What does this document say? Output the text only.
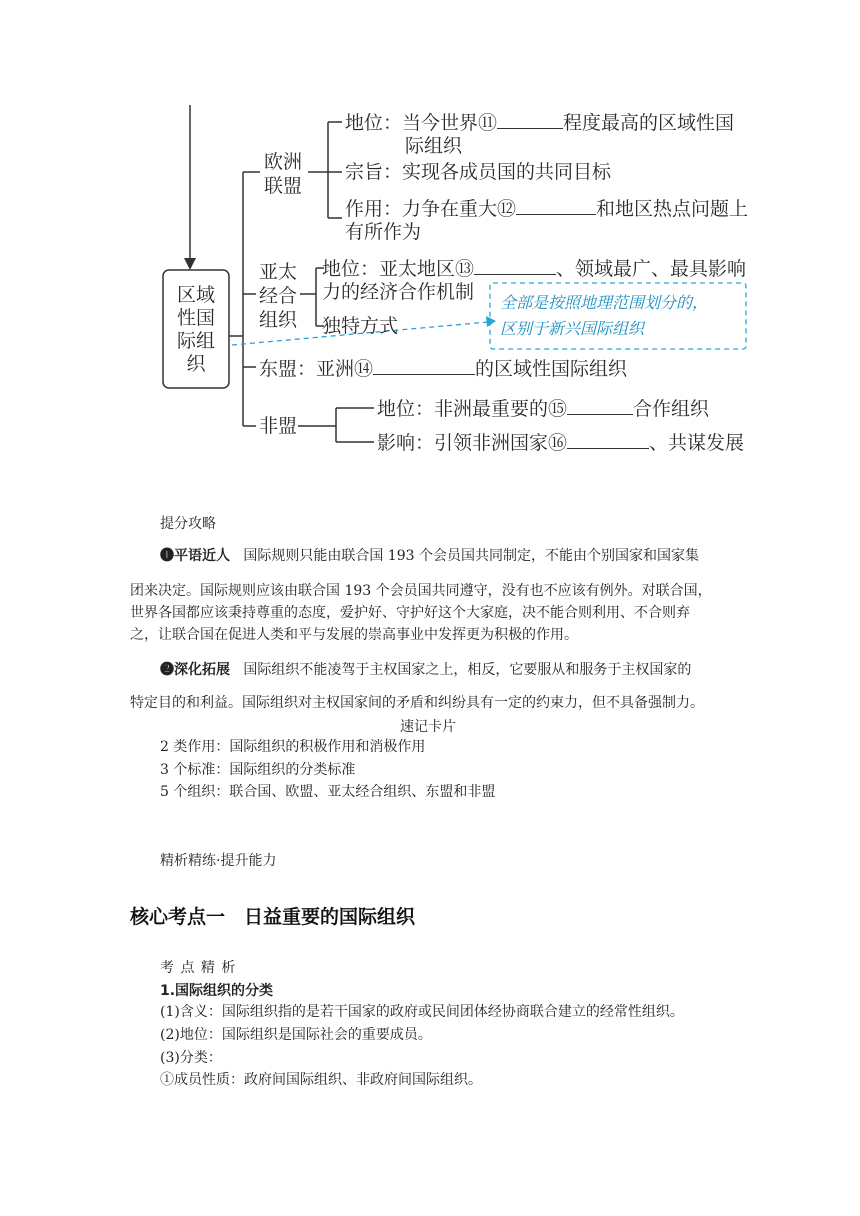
区域
性国
际组
织
欧洲
联盟
地位：当今世界⑪	程度最高的区域性国
际组织
宗旨：实现各成员国的共同目标
作用：力争在重大⑫	和地区热点问题上
有所作为
亚太
经合
组织
地位：亚太地区⑬	、领域最广、最具影响
力的经济合作机制
独特方式
全部是按照地理范围划分的，
区别于新兴国际组织
东盟：亚洲⑭	的区域性国际组织
非盟
地位：非洲最重要的⑮	合作组织
影响：引领非洲国家⑯	、共谋发展
提分攻略
❶平语近人 国际规则只能由联合国 193 个会员国共同制定，不能由个别国家和国家集
团来决定。国际规则应该由联合国 193 个会员国共同遵守，没有也不应该有例外。对联合国，
世界各国都应该秉持尊重的态度，爱护好、守护好这个大家庭，决不能合则利用、不合则弃
之，让联合国在促进人类和平与发展的崇高事业中发挥更为积极的作用。
❷深化拓展 国际组织不能凌驾于主权国家之上，相反，它要服从和服务于主权国家的
特定目的和利益。国际组织对主权国家间的矛盾和纠纷具有一定的约束力，但不具备强制力。
速记卡片
2 类作用：国际组织的积极作用和消极作用
3 个标准：国际组织的分类标准
5 个组织：联合国、欧盟、亚太经合组织、东盟和非盟
精析精练·提升能力
核心考点一　日益重要的国际组织
考 点 精 析
1.国际组织的分类
(1)含义：国际组织指的是若干国家的政府或民间团体经协商联合建立的经常性组织。
(2)地位：国际组织是国际社会的重要成员。
(3)分类：
①成员性质：政府间国际组织、非政府间国际组织。
